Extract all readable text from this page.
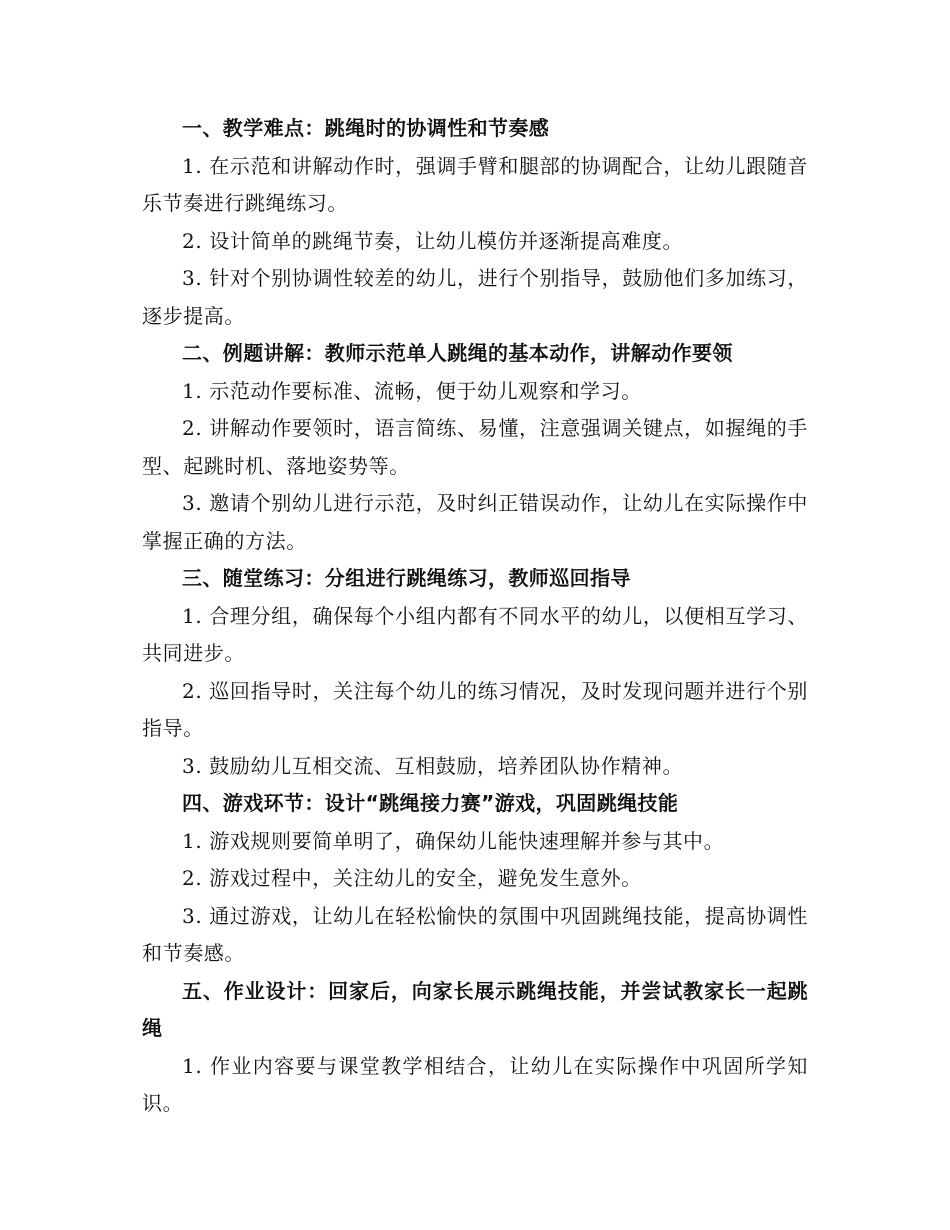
一、教学难点：跳绳时的协调性和节奏感

1. 在示范和讲解动作时，强调手臂和腿部的协调配合，让幼儿跟随音乐节奏进行跳绳练习。

2. 设计简单的跳绳节奏，让幼儿模仿并逐渐提高难度。

3. 针对个别协调性较差的幼儿，进行个别指导，鼓励他们多加练习，逐步提高。

二、例题讲解：教师示范单人跳绳的基本动作，讲解动作要领

1. 示范动作要标准、流畅，便于幼儿观察和学习。

2. 讲解动作要领时，语言简练、易懂，注意强调关键点，如握绳的手型、起跳时机、落地姿势等。

3. 邀请个别幼儿进行示范，及时纠正错误动作，让幼儿在实际操作中掌握正确的方法。

三、随堂练习：分组进行跳绳练习，教师巡回指导

1. 合理分组，确保每个小组内都有不同水平的幼儿，以便相互学习、共同进步。

2. 巡回指导时，关注每个幼儿的练习情况，及时发现问题并进行个别指导。

3. 鼓励幼儿互相交流、互相鼓励，培养团队协作精神。

四、游戏环节：设计“跳绳接力赛”游戏，巩固跳绳技能

1. 游戏规则要简单明了，确保幼儿能快速理解并参与其中。

2. 游戏过程中，关注幼儿的安全，避免发生意外。

3. 通过游戏，让幼儿在轻松愉快的氛围中巩固跳绳技能，提高协调性和节奏感。

五、作业设计：回家后，向家长展示跳绳技能，并尝试教家长一起跳绳

1. 作业内容要与课堂教学相结合，让幼儿在实际操作中巩固所学知识。
